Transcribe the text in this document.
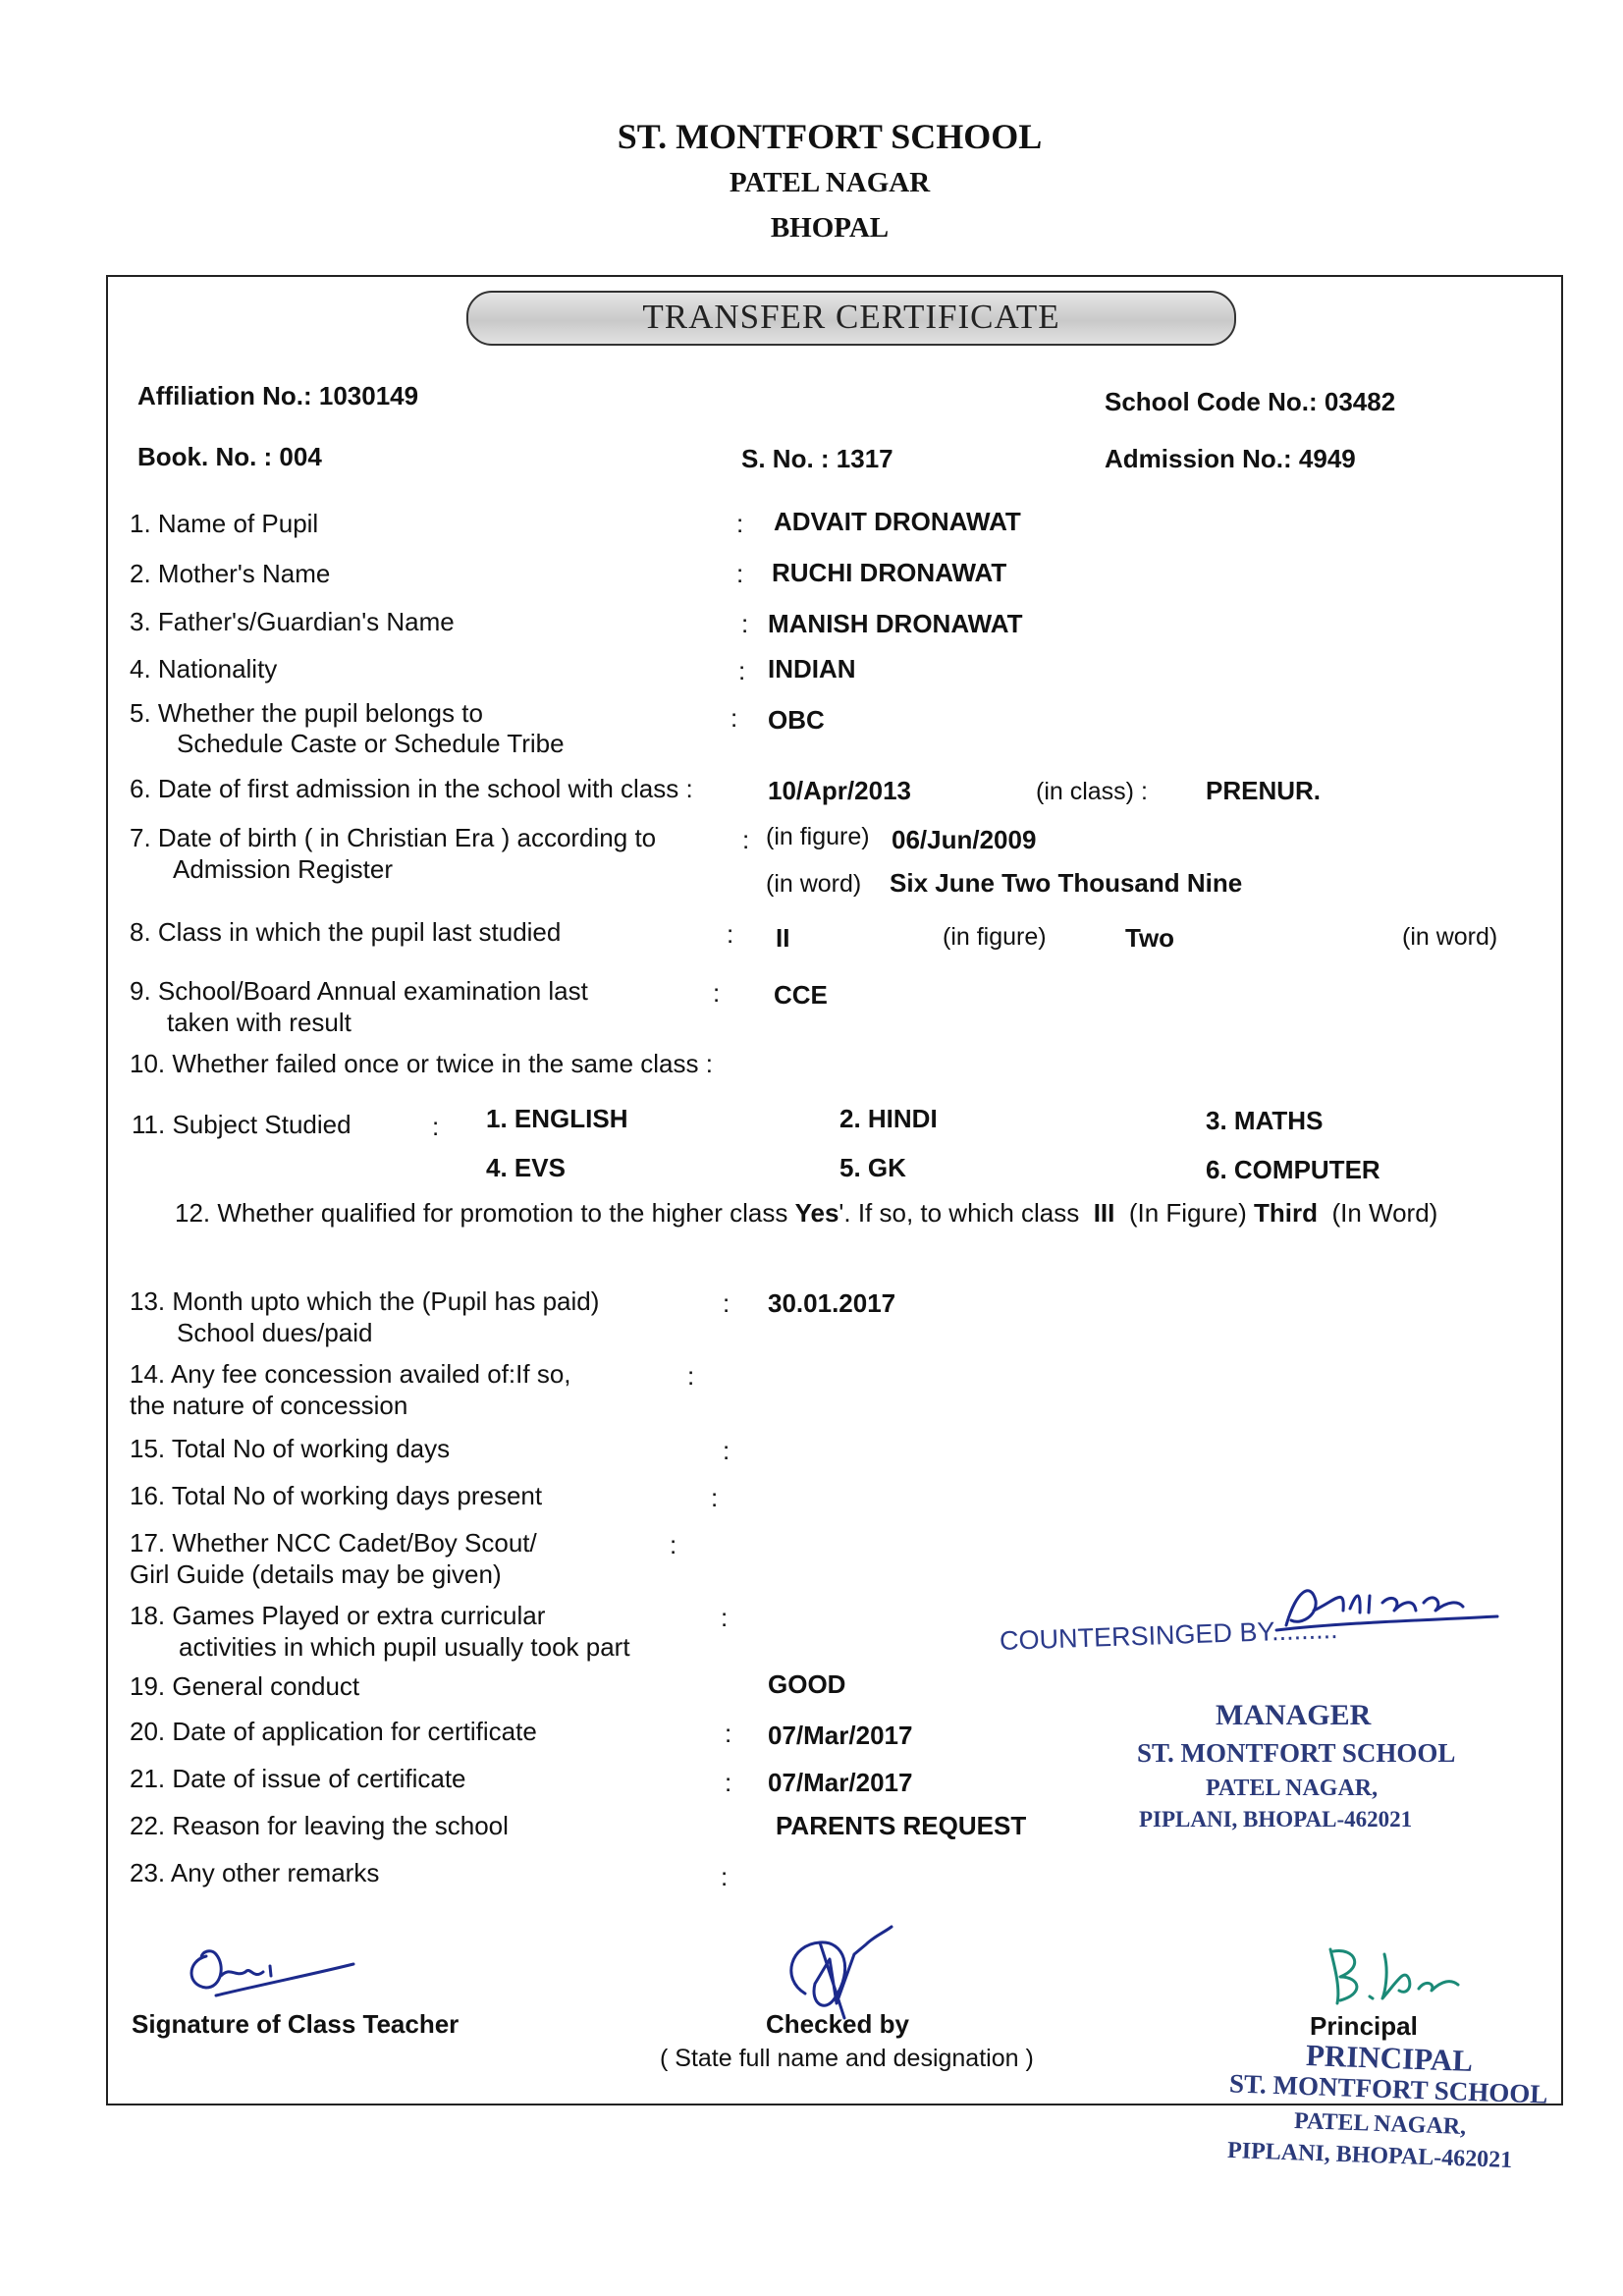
ST. MONTFORT SCHOOL
PATEL NAGAR
BHOPAL
TRANSFER CERTIFICATE
Affiliation No.: 1030149	School Code No.: 03482
Book. No. : 004	S. No. : 1317	Admission No.: 4949
1. Name of Pupil	: ADVAIT DRONAWAT
2. Mother's Name	: RUCHI DRONAWAT
3. Father's/Guardian's Name	: MANISH DRONAWAT
4. Nationality	: INDIAN
5. Whether the pupil belongs to
Schedule Caste or Schedule Tribe
: OBC
6. Date of first admission in the school with class :	10/Apr/2013	(in class) : PRENUR.
7. Date of birth ( in Christian Era ) according to
Admission Register
: (in figure) 06/Jun/2009
(in word) Six June Two Thousand Nine
8. Class in which the pupil last studied	: II	(in figure)	Two	(in word)
9. School/Board Annual examination last
taken with result
: CCE
10. Whether failed once or twice in the same class :
11. Subject Studied	: 1. ENGLISH	2. HINDI	3. MATHS
4. EVS	5. GK	6. COMPUTER
12. Whether qualified for promotion to the higher class Yes'. If so, to which class III (In Figure) Third (In Word)
13. Month upto which the (Pupil has paid)
School dues/paid
: 30.01.2017
14. Any fee concession availed of:If so,
the nature of concession
:
15. Total No of working days	:
16. Total No of working days present	:
17. Whether NCC Cadet/Boy Scout/
Girl Guide (details may be given)
:
18. Games Played or extra curricular
activities in which pupil usually took part
:
19. General conduct	GOOD
20. Date of application for certificate	: 07/Mar/2017
21. Date of issue of certificate	: 07/Mar/2017
22. Reason for leaving the school	PARENTS REQUEST
23. Any other remarks	:
COUNTERSINGED BY.........
MANAGER
ST. MONTFORT SCHOOL
PATEL NAGAR,
PIPLANI, BHOPAL-462021
Signature of Class Teacher	Checked by
( State full name and designation )
Principal
PRINCIPAL
ST. MONTFORT SCHOOL
PATEL NAGAR,
PIPLANI, BHOPAL-462021
